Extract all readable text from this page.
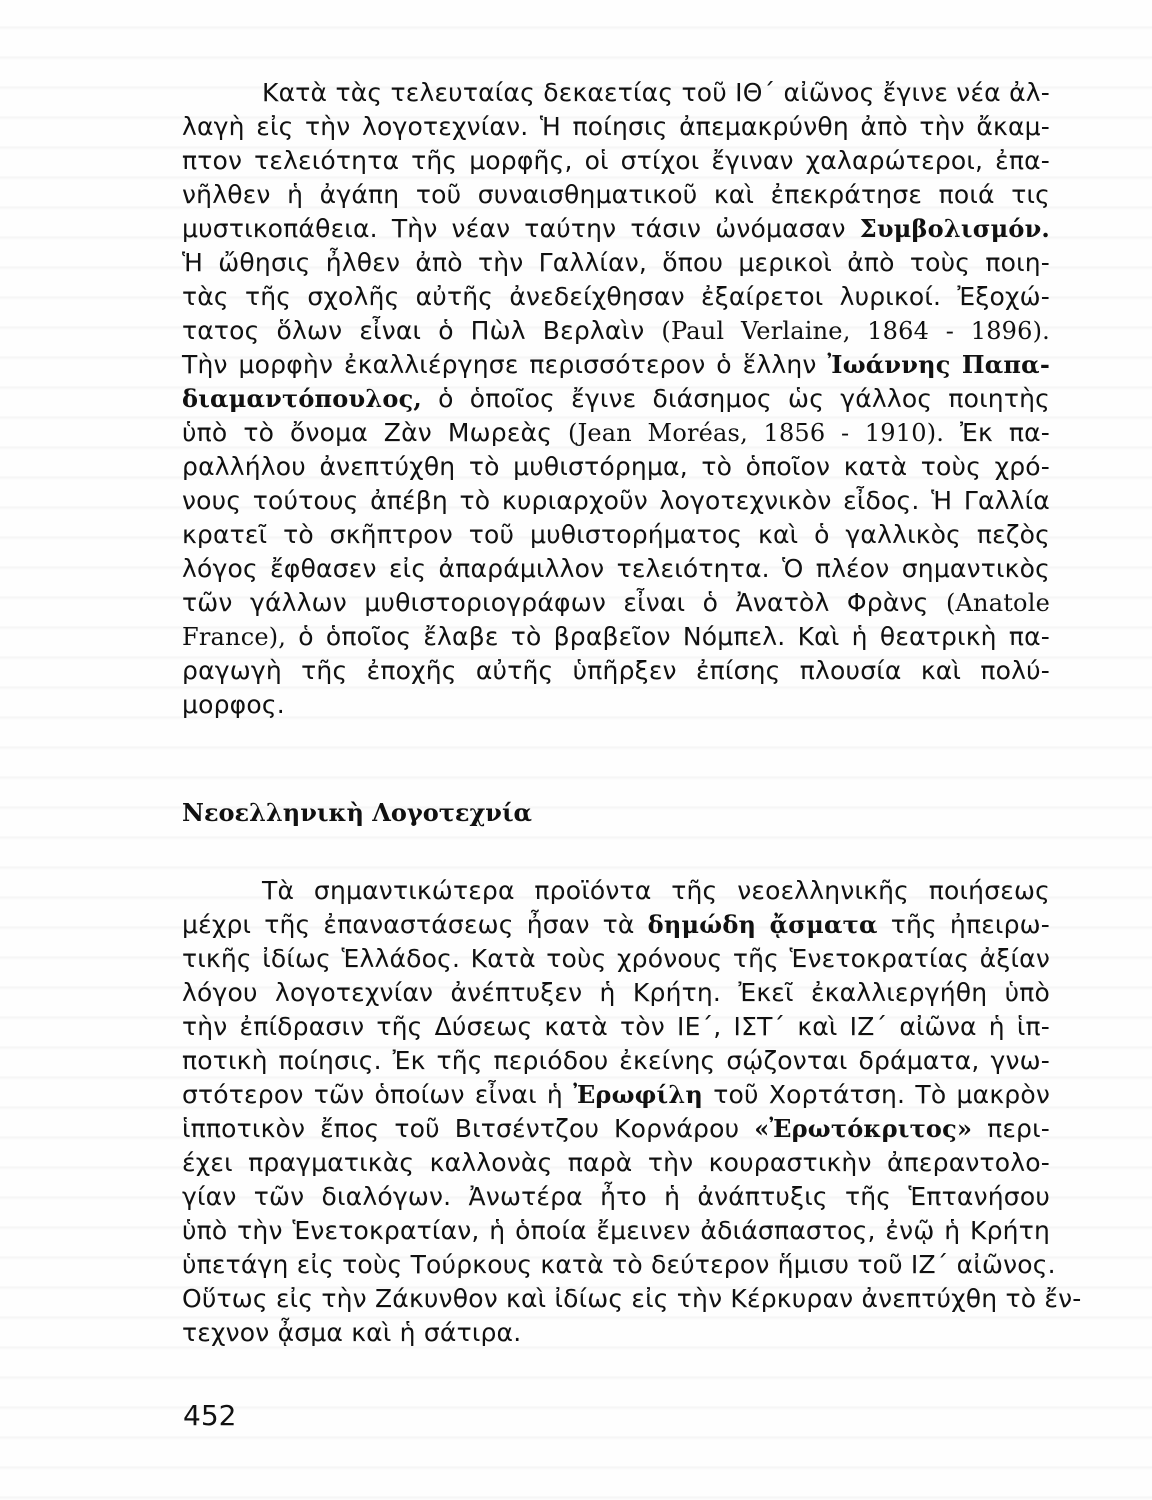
Κατὰ τὰς τελευταίας δεκαετίας τοῦ ΙΘ΄ αἰῶνος ἔγινε νέα ἀλ-
λαγὴ εἰς τὴν λογοτεχνίαν. Ἡ ποίησις ἀπεμακρύνθη ἀπὸ τὴν ἄκαμ-
πτον τελειότητα τῆς μορφῆς, οἱ στίχοι ἔγιναν χαλαρώτεροι, ἐπα-
νῆλθεν ἡ ἀγάπη τοῦ συναισθηματικοῦ καὶ ἐπεκράτησε ποιά τις
μυστικοπάθεια. Τὴν νέαν ταύτην τάσιν ὠνόμασαν Συμβολισμόν.
Ἡ ὤθησις ἦλθεν ἀπὸ τὴν Γαλλίαν, ὅπου μερικοὶ ἀπὸ τοὺς ποιη-
τὰς τῆς σχολῆς αὐτῆς ἀνεδείχθησαν ἐξαίρετοι λυρικοί. Ἐξοχώ-
τατος ὅλων εἶναι ὁ Πὼλ Βερλαὶν (Paul Verlaine, 1864 - 1896).
Τὴν μορφὴν ἐκαλλιέργησε περισσότερον ὁ ἕλλην Ἰωάννης Παπα-
διαμαντόπουλος, ὁ ὁποῖος ἔγινε διάσημος ὡς γάλλος ποιητὴς
ὑπὸ τὸ ὄνομα Ζὰν Μωρεὰς (Jean Moréas, 1856 - 1910). Ἐκ πα-
ραλλήλου ἀνεπτύχθη τὸ μυθιστόρημα, τὸ ὁποῖον κατὰ τοὺς χρό-
νους τούτους ἀπέβη τὸ κυριαρχοῦν λογοτεχνικὸν εἶδος. Ἡ Γαλλία
κρατεῖ τὸ σκῆπτρον τοῦ μυθιστορήματος καὶ ὁ γαλλικὸς πεζὸς
λόγος ἔφθασεν εἰς ἀπαράμιλλον τελειότητα. Ὁ πλέον σημαντικὸς
τῶν γάλλων μυθιστοριογράφων εἶναι ὁ Ἀνατὸλ Φρὰνς (Anatole
France), ὁ ὁποῖος ἔλαβε τὸ βραβεῖον Νόμπελ. Καὶ ἡ θεατρικὴ πα-
ραγωγὴ τῆς ἐποχῆς αὐτῆς ὑπῆρξεν ἐπίσης πλουσία καὶ πολύ-
μορφος.
Νεοελληνικὴ Λογοτεχνία
Τὰ σημαντικώτερα προϊόντα τῆς νεοελληνικῆς ποιήσεως
μέχρι τῆς ἐπαναστάσεως ἦσαν τὰ δημώδη ᾄσματα τῆς ἠπειρω-
τικῆς ἰδίως Ἑλλάδος. Κατὰ τοὺς χρόνους τῆς Ἑνετοκρατίας ἀξίαν
λόγου λογοτεχνίαν ἀνέπτυξεν ἡ Κρήτη. Ἐκεῖ ἐκαλλιεργήθη ὑπὸ
τὴν ἐπίδρασιν τῆς Δύσεως κατὰ τὸν ΙΕ΄, ΙΣΤ΄ καὶ ΙΖ΄ αἰῶνα ἡ ἱπ-
ποτικὴ ποίησις. Ἐκ τῆς περιόδου ἐκείνης σῴζονται δράματα, γνω-
στότερον τῶν ὁποίων εἶναι ἡ Ἐρωφίλη τοῦ Χορτάτση. Τὸ μακρὸν
ἱπποτικὸν ἔπος τοῦ Βιτσέντζου Κορνάρου «Ἐρωτόκριτος» περι-
έχει πραγματικὰς καλλονὰς παρὰ τὴν κουραστικὴν ἀπεραντολο-
γίαν τῶν διαλόγων. Ἀνωτέρα ἦτο ἡ ἀνάπτυξις τῆς Ἑπτανήσου
ὑπὸ τὴν Ἑνετοκρατίαν, ἡ ὁποία ἔμεινεν ἀδιάσπαστος, ἐνῷ ἡ Κρήτη
ὑπετάγη εἰς τοὺς Τούρκους κατὰ τὸ δεύτερον ἥμισυ τοῦ ΙΖ΄ αἰῶνος.
Οὕτως εἰς τὴν Ζάκυνθον καὶ ἰδίως εἰς τὴν Κέρκυραν ἀνεπτύχθη τὸ ἔν-
τεχνον ᾆσμα καὶ ἡ σάτιρα.
452
